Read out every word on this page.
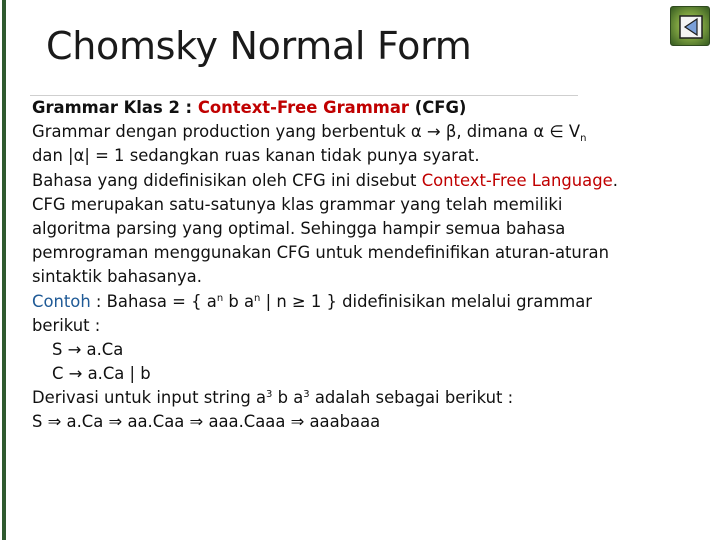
Chomsky Normal Form
Grammar Klas 2 : Context-Free Grammar (CFG)
Grammar dengan production yang berbentuk α → β, dimana α ∈ $V_n$
dan |α| = 1 sedangkan ruas kanan tidak punya syarat.
Bahasa yang didefinisikan oleh CFG ini disebut Context-Free Language.
CFG merupakan satu-satunya klas grammar yang telah memiliki
algoritma parsing yang optimal. Sehingga hampir semua bahasa
pemrograman menggunakan CFG untuk mendefinifikan aturan-aturan
sintaktik bahasanya.
Contoh : Bahasa = { $a^n$ b $a^n$ | n ≥ 1 } didefinisikan melalui grammar
berikut :
S → a.Ca
C → a.Ca | b
Derivasi untuk input string $a^3$ b $a^3$ adalah sebagai berikut :
S ⇒ a.Ca ⇒ aa.Caa ⇒ aaa.Caaa ⇒ aaabaaa
